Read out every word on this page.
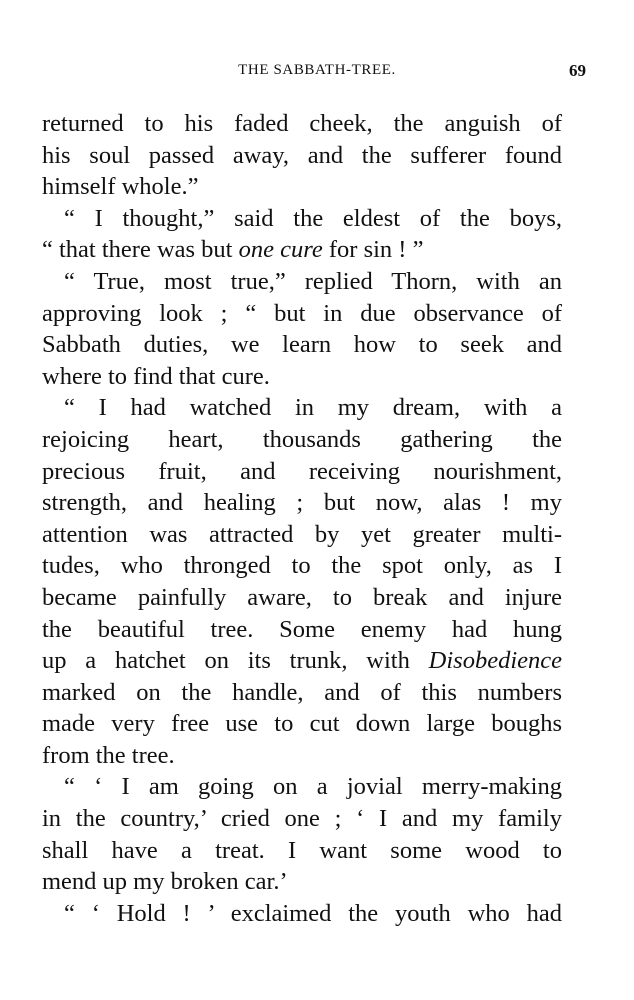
THE SABBATH-TREE.	69
returned to his faded cheek, the anguish of
his soul passed away, and the sufferer found
himself whole.”
“ I thought,” said the eldest of the boys,
“ that there was but one cure for sin ! ”
“ True, most true,” replied Thorn, with an
approving look ; “ but in due observance of
Sabbath duties, we learn how to seek and
where to find that cure.
“ I had watched in my dream, with a
rejoicing heart, thousands gathering the
precious fruit, and receiving nourishment,
strength, and healing ; but now, alas ! my
attention was attracted by yet greater multi-
tudes, who thronged to the spot only, as I
became painfully aware, to break and injure
the beautiful tree. Some enemy had hung
up a hatchet on its trunk, with Disobedience
marked on the handle, and of this numbers
made very free use to cut down large boughs
from the tree.
“ ‘ I am going on a jovial merry-making
in the country,’ cried one ; ‘ I and my family
shall have a treat. I want some wood to
mend up my broken car.’
“ ‘ Hold ! ’ exclaimed the youth who had
